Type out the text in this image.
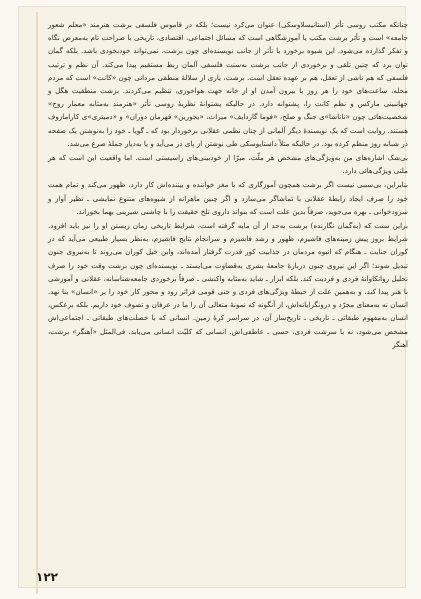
چنانکه مکتب روسی تأثر (استانیسلاوسکی) عنوان می‌کرد نیست؛ بلکه در قاموس فلسفی برشت هنرمند «معلم شعور جامعه» است و تأثر برشت مکتب یا آموزشگاهی است که مسائل اجتماعی، اقتصادی، تاریخی با صراحت تام به‌معرض نگاه و تفکر گذارده می‌شود. این شیوه برخورد با تأثر از جانب نویسنده‌ای چون برشت، نمی‌تواند خودبخودی باشد. بلکه گمان توان برد که چنین تلقی و برخوردی از جانب برشت به‌سنت فلسفی آلمان ربط مستقیم پیدا می‌کند. آن نظم و ترتیب فلسفی که هم ناشی از تعقل، هم بر عهده تعقل است. برشت، یاری از سلالهٔ منطقی مردانی چون «کانت» است که مردم محله، ساعت‌های خود را هر روز با بیرون آمدن او از خانه جهت هواخوری، تنظیم می‌کردند. برشت منطقیت هگل و جهانبینی مارکس و نظم کانت را، پشتوانه دارد. در حالیکه پشتوانهٔ نظریهٔ روسی تأثر «هنرمند به‌مثابه معمار روح» شخصیت‌هائی چون «ناتاشا»ی جنگ و صلح، «فوما گاردایف» میراث، «یجورین» قهرمان دوران» و «دمیتری»ی کارامازوف هستند. روایت است که یک نویسندهٔ دیگر آلمانی از چنان نظمی عقلانی برخوردار بود که ـ گویا ـ خود را به‌نوشتن یک صفحه در شبانه روز منظم کرده بود. در حالیکه مثلاً داستایوسکی طی نوشتن از پای در می‌آید و یا به‌دیار جملهٔ صرع می‌شد.

بی‌شک اشاره‌های من به‌ویژگی‌های مشخص هر ملّت، مبرّا از خودبینی‌های راسیستی است. اما واقعیت این است که هر ملتی ویژگی‌هائی دارد.

بنابراین، بی‌سببی نیست اگر برشت همچون آموزگاری که با مغز خواننده و بیننده‌اش کار دارد، ظهور می‌کند و تمام همت خود را صرف ایجاد رابطهٔ عقلانی با تماشاگر می‌سازد و اگر چنین ماهرانه از شیوه‌های متنوع نمایشی ـ نظیر آواز و سرودخوانی ـ بهره می‌جوید، صرفاً بدین علت است که بتواند داروی تلخ حقیقت را با چاشنی شیرینی بهما بخوراند.

براین سنت که (به‌گمان نگارنده) برشت به‌حد از آن مایه گرفته است، شرایط تاریخی زمان زیستن او را نیز باید افزود. شرایط بروز پیش زمینه‌های فاشیزم، ظهور و رشد فاشیزم و سرانجام نتایج فاشیزم، به‌نظر بسیار طبیعی می‌آید که در کوران جنایت ـ هنگام که انبوه مردمان در جذابیت کور قدرت گرفتار آمده‌اند، واین خیل کوران می‌روند تا به‌نیروی جنون تبدیل شوند؛ اگر این نیروی جنون دربارهٔ جامعهٔ بشری به‌قضاوت می‌ایستد ـ نویسنده‌ای چون برشت وقت خود را صرف تحلیل روانکاوانهٔ فردی و فردیت کند. بلکه ابزار ـ شاید به‌مثابه واکنشی ـ صرفاً برخوردی جامعه‌شناسانه، عقلانی و آموزشی با هنر پیدا کند، و به‌همین علت از حیطهٔ ویژگی‌های فردی و حتی قومی فراتر رود و محور کار خود را بر «انسان» بنا نهد. انسان نه به‌معنای مجرّد و درونگرایانه‌اش، از آنگونه که نمونهٔ متعالی آن را ما در عرفان و تصوف خود داریم. بلکه برعکس، انسان به‌مفهوم طبقاتی ـ تاریخی ـ تاریخ‌ساز آن، در سراسر کرهٔ زمین. انسانی که با خصلت‌های طبقاتی ـ اجتماعی‌اش مشخص می‌شود، نه با سرشت فردی، حسی ـ عاطفی‌اش. انسانی که کلیّت انسانی می‌یابد. فی‌المثل «آهنگر» برشت، آهنگر

۱۲۲
